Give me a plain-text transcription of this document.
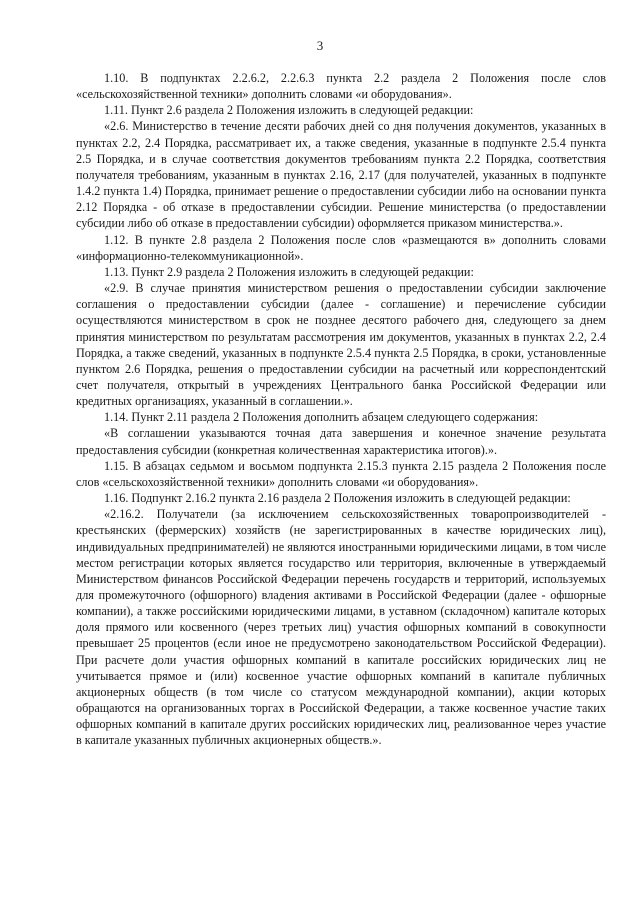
3

1.10. В подпунктах 2.2.6.2, 2.2.6.3 пункта 2.2 раздела 2 Положения после слов «сельскохозяйственной техники» дополнить словами «и оборудования».

1.11. Пункт 2.6 раздела 2 Положения изложить в следующей редакции:

«2.6. Министерство в течение десяти рабочих дней со дня получения документов, указанных в пунктах 2.2, 2.4 Порядка, рассматривает их, а также сведения, указанные в подпункте 2.5.4 пункта 2.5 Порядка, и в случае соответствия документов требованиям пункта 2.2 Порядка, соответствия получателя требованиям, указанным в пунктах 2.16, 2.17 (для получателей, указанных в подпункте 1.4.2 пункта 1.4) Порядка, принимает решение о предоставлении субсидии либо на основании пункта 2.12 Порядка - об отказе в предоставлении субсидии. Решение министерства (о предоставлении субсидии либо об отказе в предоставлении субсидии) оформляется приказом министерства.».

1.12. В пункте 2.8 раздела 2 Положения после слов «размещаются в» дополнить словами «информационно-телекоммуникационной».

1.13. Пункт 2.9 раздела 2 Положения изложить в следующей редакции:

«2.9. В случае принятия министерством решения о предоставлении субсидии заключение соглашения о предоставлении субсидии (далее - соглашение) и перечисление субсидии осуществляются министерством в срок не позднее десятого рабочего дня, следующего за днем принятия министерством по результатам рассмотрения им документов, указанных в пунктах 2.2, 2.4 Порядка, а также сведений, указанных в подпункте 2.5.4 пункта 2.5 Порядка, в сроки, установленные пунктом 2.6 Порядка, решения о предоставлении субсидии на расчетный или корреспондентский счет получателя, открытый в учреждениях Центрального банка Российской Федерации или кредитных организациях, указанный в соглашении.».

1.14. Пункт 2.11 раздела 2 Положения дополнить абзацем следующего содержания:

«В соглашении указываются точная дата завершения и конечное значение результата предоставления субсидии (конкретная количественная характеристика итогов).».

1.15. В абзацах седьмом и восьмом подпункта 2.15.3 пункта 2.15 раздела 2 Положения после слов «сельскохозяйственной техники» дополнить словами «и оборудования».

1.16. Подпункт 2.16.2 пункта 2.16 раздела 2 Положения изложить в следующей редакции:

«2.16.2. Получатели (за исключением сельскохозяйственных товаропроизводителей - крестьянских (фермерских) хозяйств (не зарегистрированных в качестве юридических лиц), индивидуальных предпринимателей) не являются иностранными юридическими лицами, в том числе местом регистрации которых является государство или территория, включенные в утверждаемый Министерством финансов Российской Федерации перечень государств и территорий, используемых для промежуточного (офшорного) владения активами в Российской Федерации (далее - офшорные компании), а также российскими юридическими лицами, в уставном (складочном) капитале которых доля прямого или косвенного (через третьих лиц) участия офшорных компаний в совокупности превышает 25 процентов (если иное не предусмотрено законодательством Российской Федерации). При расчете доли участия офшорных компаний в капитале российских юридических лиц не учитывается прямое и (или) косвенное участие офшорных компаний в капитале публичных акционерных обществ (в том числе со статусом международной компании), акции которых обращаются на организованных торгах в Российской Федерации, а также косвенное участие таких офшорных компаний в капитале других российских юридических лиц, реализованное через участие в капитале указанных публичных акционерных обществ.».
